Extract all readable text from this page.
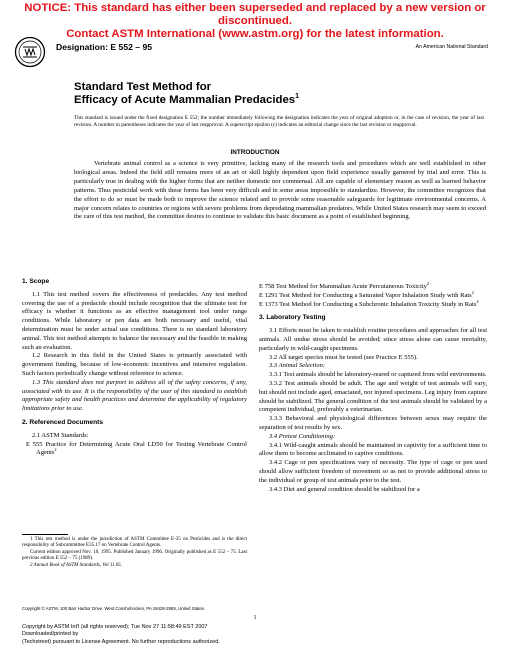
NOTICE: This standard has either been superseded and replaced by a new version or discontinued.
Contact ASTM International (www.astm.org) for the latest information.
Designation: E 552 – 95	An American National Standard
Standard Test Method for
Efficacy of Acute Mammalian Predacides$^1$
This standard is issued under the fixed designation E 552; the number immediately following the designation indicates the year of original adoption or, in the case of revision, the year of last revision. A number in parentheses indicates the year of last reapproval. A superscript epsilon (ε) indicates an editorial change since the last revision or reapproval.
INTRODUCTION
Vertebrate animal control as a science is very primitive, lacking many of the research tools and procedures which are well established in other biological areas. Indeed the field still remains more of an art or skill highly dependent upon field experience usually garnered by trial and error. This is particularly true in dealing with the higher forms that are neither domestic nor commensal. All are capable of elementary reason as well as learned behavior patterns. Thus pesticidal work with these forms has been very difficult and in some areas impossible to standardize. However, the committee recognizes that the effort to do so must be made both to improve the science related and to provide some reasonable safeguards for legitimate environmental concerns. A major concern relates to countries or regions with severe problems from depredating mammalian predators. While United States research may seem to exceed the care of this test method, the committee desires to continue to validate this basic document as a point of established beginning.

1. Scope

1.1 This test method covers the effectiveness of predacides. Any test method covering the use of a predacide should include recognition that the ultimate test for efficacy is whether it functions as an effective management tool under range conditions. While laboratory or pen data are both necessary and useful, vital determination must be under actual use conditions. There is no standard laboratory animal. This test method attempts to balance the necessary and the feasible in making such an evaluation.

1.2 Research in this field in the United States is primarily associated with government funding, because of low-economic incentives and intensive regulation. Such factors periodically change without reference to science.

1.3 This standard does not purport to address all of the safety concerns, if any, associated with its use. It is the responsibility of the user of this standard to establish appropriate safety and health practices and determine the applicability of regulatory limitations prior to use.

2. Referenced Documents

2.1 ASTM Standards:

E 555 Practice for Determining Acute Oral LD50 for Testing Vertebrate Control Agents$^2$

1 This test method is under the jurisdiction of ASTM Committee E-35 on Pesticides and is the direct responsibility of Subcommittee E35.17 on Vertebrate Control Agents.
Current edition approved Nov. 10, 1995. Published January 1996. Originally published as E 552 – 75. Last previous edition E 552 – 75 (1989).
2 Annual Book of ASTM Standards, Vol 11.05.

E 758 Test Method for Mammalian Acute Percutaneous Toxicity$^2$

E 1291 Test Method for Conducting a Saturated Vapor Inhalation Study with Rats$^2$

E 1373 Test Method for Conducting a Subchronic Inhalation Toxicity Study in Rats$^2$

3. Laboratory Testing

3.1 Efforts must be taken to establish routine procedures and approaches for all test animals. All undue stress should be avoided; since stress alone can cause mortality, particularly in wild-caught specimens.

3.2 All target species must be tested (see Practice E 555).

3.3 Animal Selection:

3.3.1 Test animals should be laboratory-reared or captured from wild environments.

3.3.2 Test animals should be adult. The age and weight of test animals will vary, but should not include aged, emaciated, nor injured specimens. Leg injury from capture should be stabilized. The general condition of the test animals should be validated by a competent individual, preferably a veterinarian.

3.3.3 Behavioral and physiological differences between sexes may require the separation of test results by sex.

3.4 Pretest Conditioning:

3.4.1 Wild-caught animals should be maintained in captivity for a sufficient time to allow them to become acclimated to captive conditions.

3.4.2 Cage or pen specifications vary of necessity. The type of cage or pen used should allow sufficient freedom of movement so as not to provide additional stress to the individual or group of test animals prior to the test.

3.4.3 Diet and general condition should be stabilized for a

Copyright © ASTM, 100 Barr Harbor Drive, West Conshohocken, PA 19428-2959, United States.
1
Copyright by ASTM Int'l (all rights reserved); Tue Nov 27 11:58:49 EST 2007
Downloaded/printed by
(Techstreet) pursuant to License Agreement. No further reproductions authorized.
